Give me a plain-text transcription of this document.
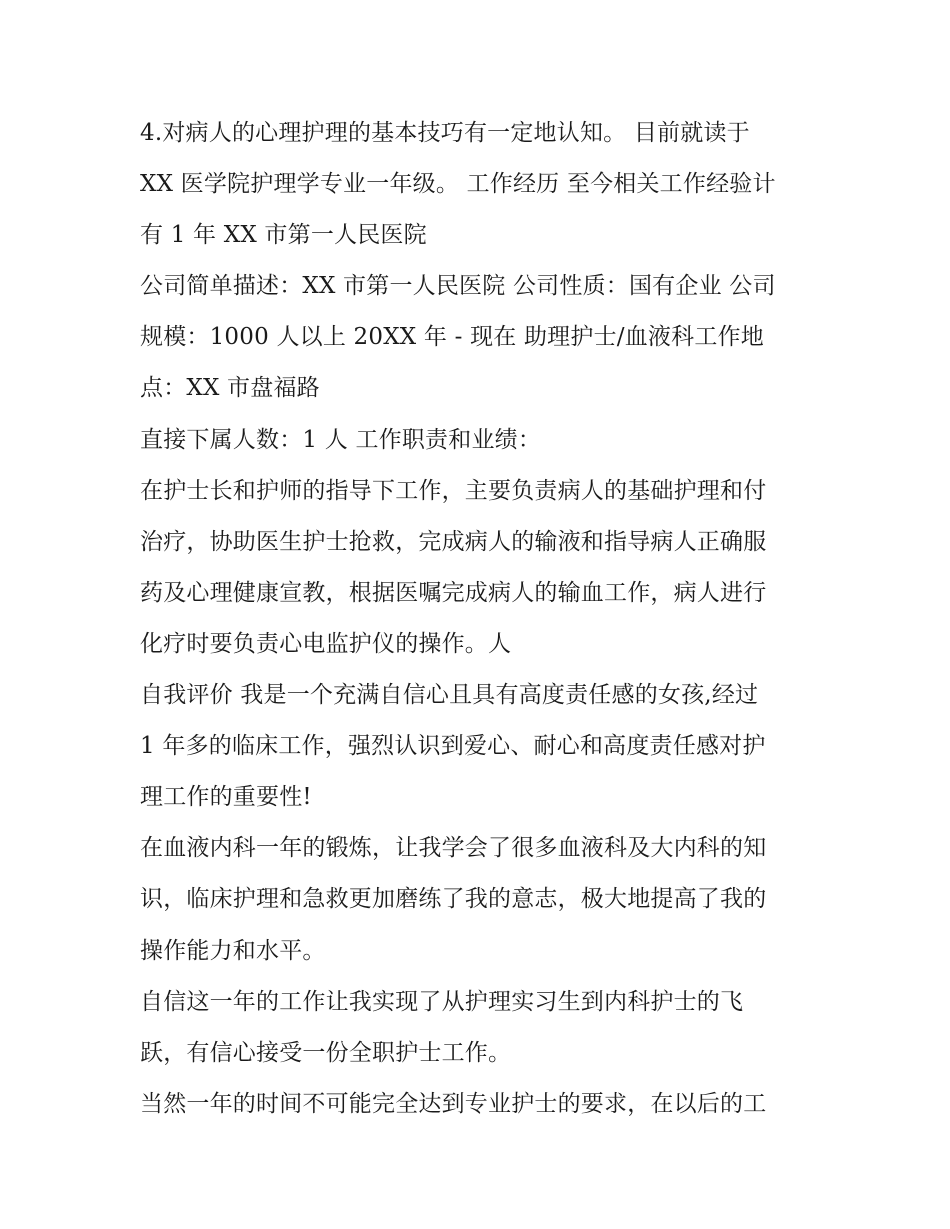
4.对病人的心理护理的基本技巧有一定地认知。 目前就读于
XX 医学院护理学专业一年级。 工作经历 至今相关工作经验计
有 1 年 XX 市第一人民医院
公司简单描述：XX 市第一人民医院 公司性质：国有企业 公司
规模：1000 人以上 20XX 年 - 现在 助理护士/血液科工作地
点：XX 市盘福路
直接下属人数：1 人 工作职责和业绩：
在护士长和护师的指导下工作，主要负责病人的基础护理和付
治疗，协助医生护士抢救，完成病人的输液和指导病人正确服
药及心理健康宣教，根据医嘱完成病人的输血工作，病人进行
化疗时要负责心电监护仪的操作。人
自我评价 我是一个充满自信心且具有高度责任感的女孩,经过
1 年多的临床工作，强烈认识到爱心、耐心和高度责任感对护
理工作的重要性!
在血液内科一年的锻炼，让我学会了很多血液科及大内科的知
识，临床护理和急救更加磨练了我的意志，极大地提高了我的
操作能力和水平。
自信这一年的工作让我实现了从护理实习生到内科护士的飞
跃，有信心接受一份全职护士工作。
当然一年的时间不可能完全达到专业护士的要求，在以后的工
